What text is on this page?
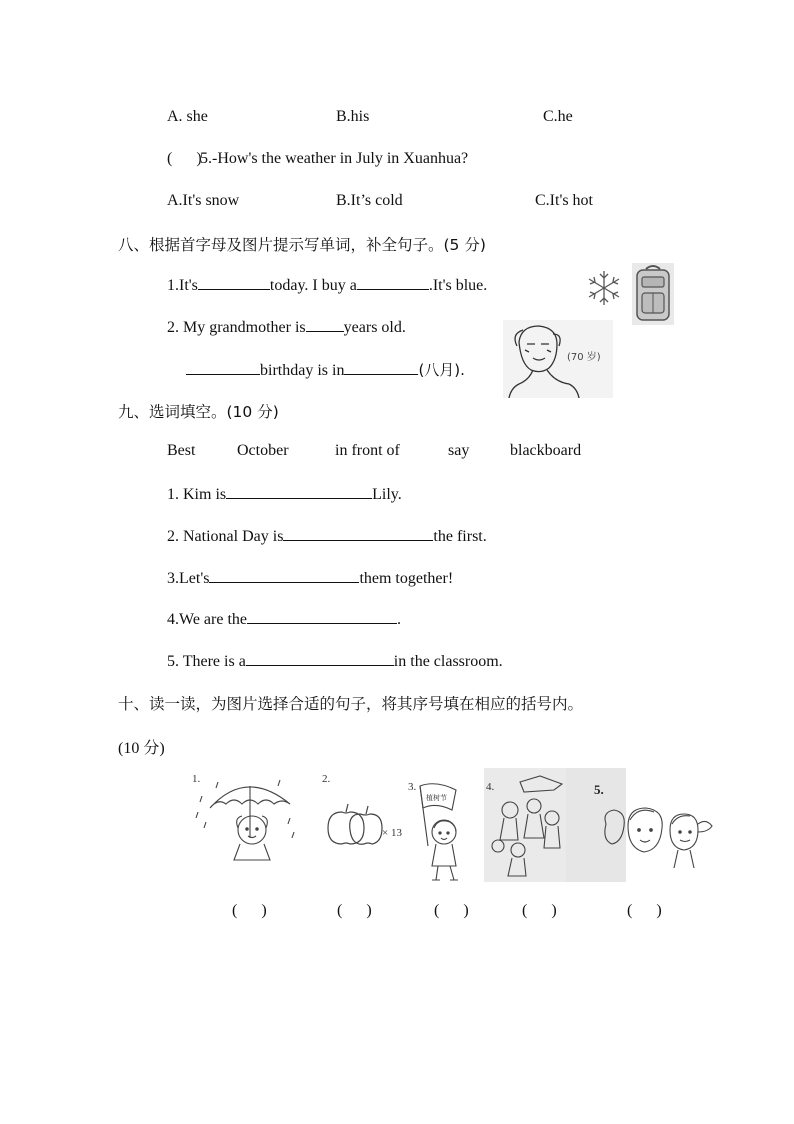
A. she	B.his	C.he
(      )
5.-How's the weather in July in Xuanhua?
A.It's snow	B.It’s cold	C.It's hot
八、根据首字母及图片提示写单词，补全句子。(5 分)
1.It's	today. I buy a	.It's blue.
2. My grandmother is years old.
birthday is in	(八月).
(70 岁)
九、选词填空。(10 分)
Best	October	in front of	say	blackboard
1. Kim is	Lily.
2. National Day is	the first.
3.Let's	them together!
4.We are the	.
5. There is a	in the classroom.
十、读一读，为图片选择合适的句子，将其序号填在相应的括号内。
(10 分)
1.	2.
× 13
3.
植树节
4.	5.
(      )	(      )	(      )	(      )	(      )
